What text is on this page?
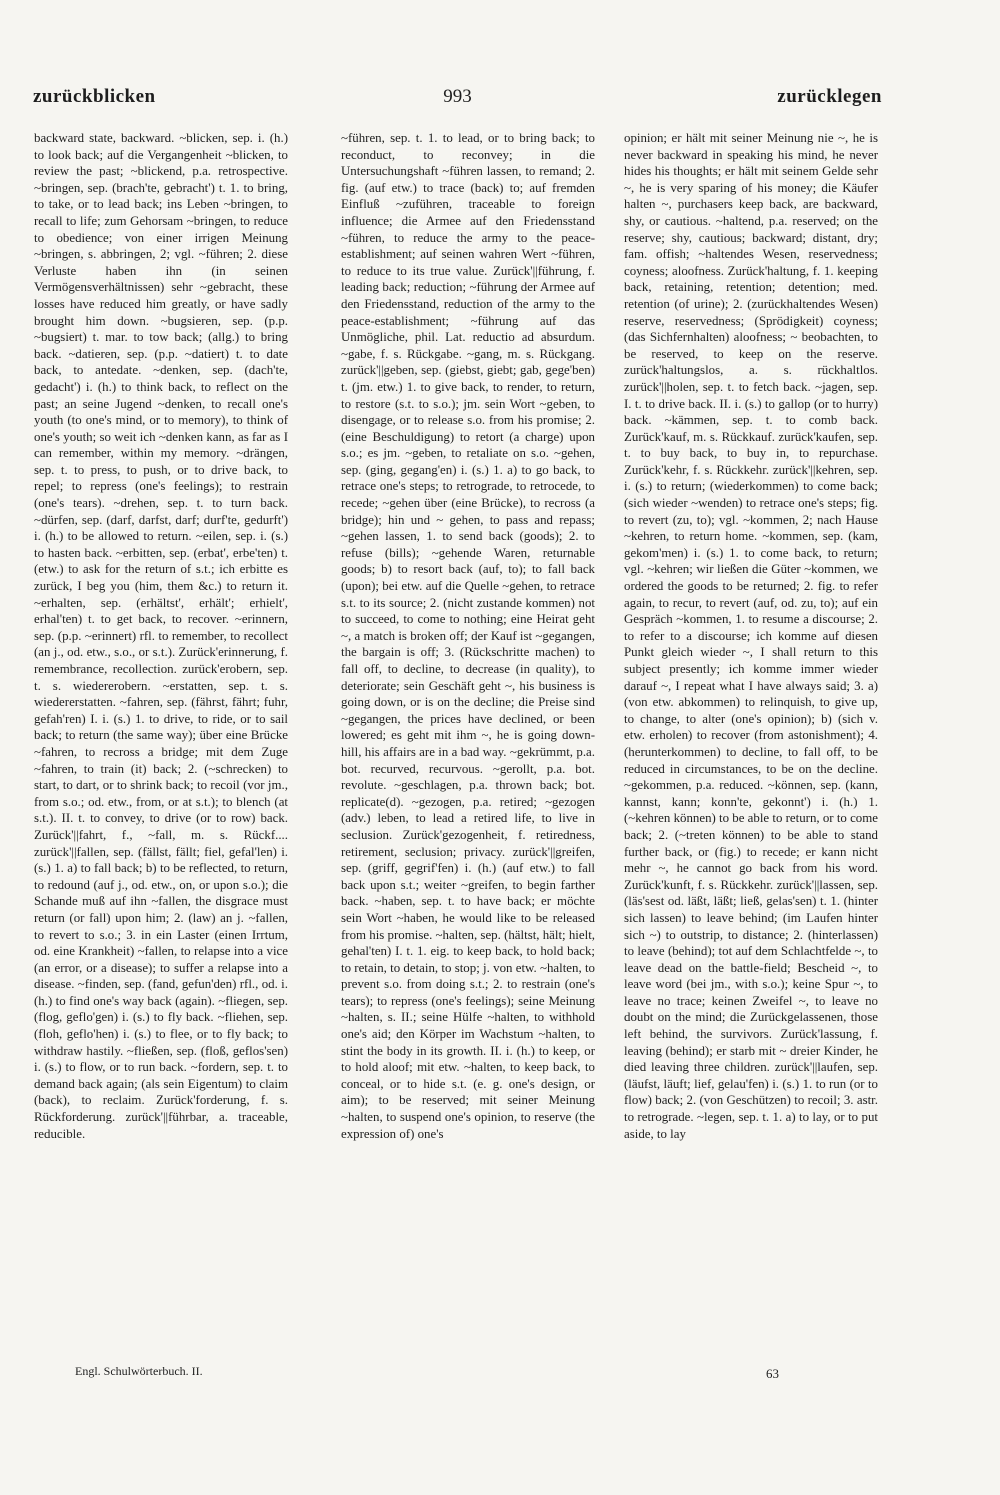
zurückblicken	993	zurücklegen

backward state, backward. ~blicken, sep. i. (h.) to look back; auf die Vergangenheit ~blicken, to review the past; ~blickend, p.a. retrospective. ~bringen, sep. (brach'te, gebracht') t. 1. to bring, to take, or to lead back; ins Leben ~bringen, to recall to life; zum Gehorsam ~bringen, to reduce to obedience; von einer irrigen Meinung ~bringen, s. abbringen, 2; vgl. ~führen; 2. diese Verluste haben ihn (in seinen Vermögensverhältnissen) sehr ~gebracht, these losses have reduced him greatly, or have sadly brought him down. ~bugsieren, sep. (p.p. ~bugsiert) t. mar. to tow back; (allg.) to bring back. ~datieren, sep. (p.p. ~datiert) t. to date back, to antedate. ~denken, sep. (dach'te, gedacht') i. (h.) to think back, to reflect on the past; an seine Jugend ~denken, to recall one's youth (to one's mind, or to memory), to think of one's youth; so weit ich ~denken kann, as far as I can remember, within my memory. ~drängen, sep. t. to press, to push, or to drive back, to repel; to repress (one's feelings); to restrain (one's tears). ~drehen, sep. t. to turn back. ~dürfen, sep. (darf, darfst, darf; durf'te, gedurft') i. (h.) to be allowed to return. ~eilen, sep. i. (s.) to hasten back. ~erbitten, sep. (erbat', erbe'ten) t. (etw.) to ask for the return of s.t.; ich erbitte es zurück, I beg you (him, them &c.) to return it. ~erhalten, sep. (erhältst', erhält'; erhielt', erhal'ten) t. to get back, to recover. ~erinnern, sep. (p.p. ~erinnert) rfl. to remember, to recollect (an j., od. etw., s.o., or s.t.). Zurück'erinnerung, f. remembrance, recollection. zurück'erobern, sep. t. s. wiedererobern. ~erstatten, sep. t. s. wiedererstatten. ~fahren, sep. (fährst, fährt; fuhr, gefah'ren) I. i. (s.) 1. to drive, to ride, or to sail back; to return (the same way); über eine Brücke ~fahren, to recross a bridge; mit dem Zuge ~fahren, to train (it) back; 2. (~schrecken) to start, to dart, or to shrink back; to recoil (vor jm., from s.o.; od. etw., from, or at s.t.); to blench (at s.t.). II. t. to convey, to drive (or to row) back. Zurück'||fahrt, f., ~fall, m. s. Rückf.... zurück'||fallen, sep. (fällst, fällt; fiel, gefal'len) i. (s.) 1. a) to fall back; b) to be reflected, to return, to redound (auf j., od. etw., on, or upon s.o.); die Schande muß auf ihn ~fallen, the disgrace must return (or fall) upon him; 2. (law) an j. ~fallen, to revert to s.o.; 3. in ein Laster (einen Irrtum, od. eine Krankheit) ~fallen, to relapse into a vice (an error, or a disease); to suffer a relapse into a disease. ~finden, sep. (fand, gefun'den) rfl., od. i. (h.) to find one's way back (again). ~fliegen, sep. (flog, geflo'gen) i. (s.) to fly back. ~fliehen, sep. (floh, geflo'hen) i. (s.) to flee, or to fly back; to withdraw hastily. ~fließen, sep. (floß, geflos'sen) i. (s.) to flow, or to run back. ~fordern, sep. t. to demand back again; (als sein Eigentum) to claim (back), to reclaim. Zurück'forderung, f. s. Rückforderung. zurück'||führbar, a. traceable, reducible.

~führen, sep. t. 1. to lead, or to bring back; to reconduct, to reconvey; in die Untersuchungshaft ~führen lassen, to remand; 2. fig. (auf etw.) to trace (back) to; auf fremden Einfluß ~zuführen, traceable to foreign influence; die Armee auf den Friedensstand ~führen, to reduce the army to the peace-establishment; auf seinen wahren Wert ~führen, to reduce to its true value. Zurück'||führung, f. leading back; reduction; ~führung der Armee auf den Friedensstand, reduction of the army to the peace-establishment; ~führung auf das Unmögliche, phil. Lat. reductio ad absurdum. ~gabe, f. s. Rückgabe. ~gang, m. s. Rückgang. zurück'||geben, sep. (giebst, giebt; gab, gege'ben) t. (jm. etw.) 1. to give back, to render, to return, to restore (s.t. to s.o.); jm. sein Wort ~geben, to disengage, or to release s.o. from his promise; 2. (eine Beschuldigung) to retort (a charge) upon s.o.; es jm. ~geben, to retaliate on s.o. ~gehen, sep. (ging, gegang'en) i. (s.) 1. a) to go back, to retrace one's steps; to retrograde, to retrocede, to recede; ~gehen über (eine Brücke), to recross (a bridge); hin und ~ gehen, to pass and repass; ~gehen lassen, 1. to send back (goods); 2. to refuse (bills); ~gehende Waren, returnable goods; b) to resort back (auf, to); to fall back (upon); bei etw. auf die Quelle ~gehen, to retrace s.t. to its source; 2. (nicht zustande kommen) not to succeed, to come to nothing; eine Heirat geht ~, a match is broken off; der Kauf ist ~gegangen, the bargain is off; 3. (Rückschritte machen) to fall off, to decline, to decrease (in quality), to deteriorate; sein Geschäft geht ~, his business is going down, or is on the decline; die Preise sind ~gegangen, the prices have declined, or been lowered; es geht mit ihm ~, he is going down-hill, his affairs are in a bad way. ~gekrümmt, p.a. bot. recurved, recurvous. ~gerollt, p.a. bot. revolute. ~geschlagen, p.a. thrown back; bot. replicate(d). ~gezogen, p.a. retired; ~gezogen (adv.) leben, to lead a retired life, to live in seclusion. Zurück'gezogenheit, f. retiredness, retirement, seclusion; privacy. zurück'||greifen, sep. (griff, gegrif'fen) i. (h.) (auf etw.) to fall back upon s.t.; weiter ~greifen, to begin farther back. ~haben, sep. t. to have back; er möchte sein Wort ~haben, he would like to be released from his promise. ~halten, sep. (hältst, hält; hielt, gehal'ten) I. t. 1. eig. to keep back, to hold back; to retain, to detain, to stop; j. von etw. ~halten, to prevent s.o. from doing s.t.; 2. to restrain (one's tears); to repress (one's feelings); seine Meinung ~halten, s. II.; seine Hülfe ~halten, to withhold one's aid; den Körper im Wachstum ~halten, to stint the body in its growth. II. i. (h.) to keep, or to hold aloof; mit etw. ~halten, to keep back, to conceal, or to hide s.t. (e. g. one's design, or aim); to be reserved; mit seiner Meinung ~halten, to suspend one's opinion, to reserve (the expression of) one's

opinion; er hält mit seiner Meinung nie ~, he is never backward in speaking his mind, he never hides his thoughts; er hält mit seinem Gelde sehr ~, he is very sparing of his money; die Käufer halten ~, purchasers keep back, are backward, shy, or cautious. ~haltend, p.a. reserved; on the reserve; shy, cautious; backward; distant, dry; fam. offish; ~haltendes Wesen, reservedness; coyness; aloofness. Zurück'haltung, f. 1. keeping back, retaining, retention; detention; med. retention (of urine); 2. (zurückhaltendes Wesen) reserve, reservedness; (Sprödigkeit) coyness; (das Sichfernhalten) aloofness; ~ beobachten, to be reserved, to keep on the reserve. zurück'haltungslos, a. s. rückhaltlos. zurück'||holen, sep. t. to fetch back. ~jagen, sep. I. t. to drive back. II. i. (s.) to gallop (or to hurry) back. ~kämmen, sep. t. to comb back. Zurück'kauf, m. s. Rückkauf. zurück'kaufen, sep. t. to buy back, to buy in, to repurchase. Zurück'kehr, f. s. Rückkehr. zurück'||kehren, sep. i. (s.) to return; (wiederkommen) to come back; (sich wieder ~wenden) to retrace one's steps; fig. to revert (zu, to); vgl. ~kommen, 2; nach Hause ~kehren, to return home. ~kommen, sep. (kam, gekom'men) i. (s.) 1. to come back, to return; vgl. ~kehren; wir ließen die Güter ~kommen, we ordered the goods to be returned; 2. fig. to refer again, to recur, to revert (auf, od. zu, to); auf ein Gespräch ~kommen, 1. to resume a discourse; 2. to refer to a discourse; ich komme auf diesen Punkt gleich wieder ~, I shall return to this subject presently; ich komme immer wieder darauf ~, I repeat what I have always said; 3. a) (von etw. abkommen) to relinquish, to give up, to change, to alter (one's opinion); b) (sich v. etw. erholen) to recover (from astonishment); 4. (herunterkommen) to decline, to fall off, to be reduced in circumstances, to be on the decline. ~gekommen, p.a. reduced. ~können, sep. (kann, kannst, kann; konn'te, gekonnt') i. (h.) 1. (~kehren können) to be able to return, or to come back; 2. (~treten können) to be able to stand further back, or (fig.) to recede; er kann nicht mehr ~, he cannot go back from his word. Zurück'kunft, f. s. Rückkehr. zurück'||lassen, sep. (läs'sest od. läßt, läßt; ließ, gelas'sen) t. 1. (hinter sich lassen) to leave behind; (im Laufen hinter sich ~) to outstrip, to distance; 2. (hinterlassen) to leave (behind); tot auf dem Schlachtfelde ~, to leave dead on the battle-field; Bescheid ~, to leave word (bei jm., with s.o.); keine Spur ~, to leave no trace; keinen Zweifel ~, to leave no doubt on the mind; die Zurückgelassenen, those left behind, the survivors. Zurück'lassung, f. leaving (behind); er starb mit ~ dreier Kinder, he died leaving three children. zurück'||laufen, sep. (läufst, läuft; lief, gelau'fen) i. (s.) 1. to run (or to flow) back; 2. (von Geschützen) to recoil; 3. astr. to retrograde. ~legen, sep. t. 1. a) to lay, or to put aside, to lay

Engl. Schulwörterbuch. II.	63
